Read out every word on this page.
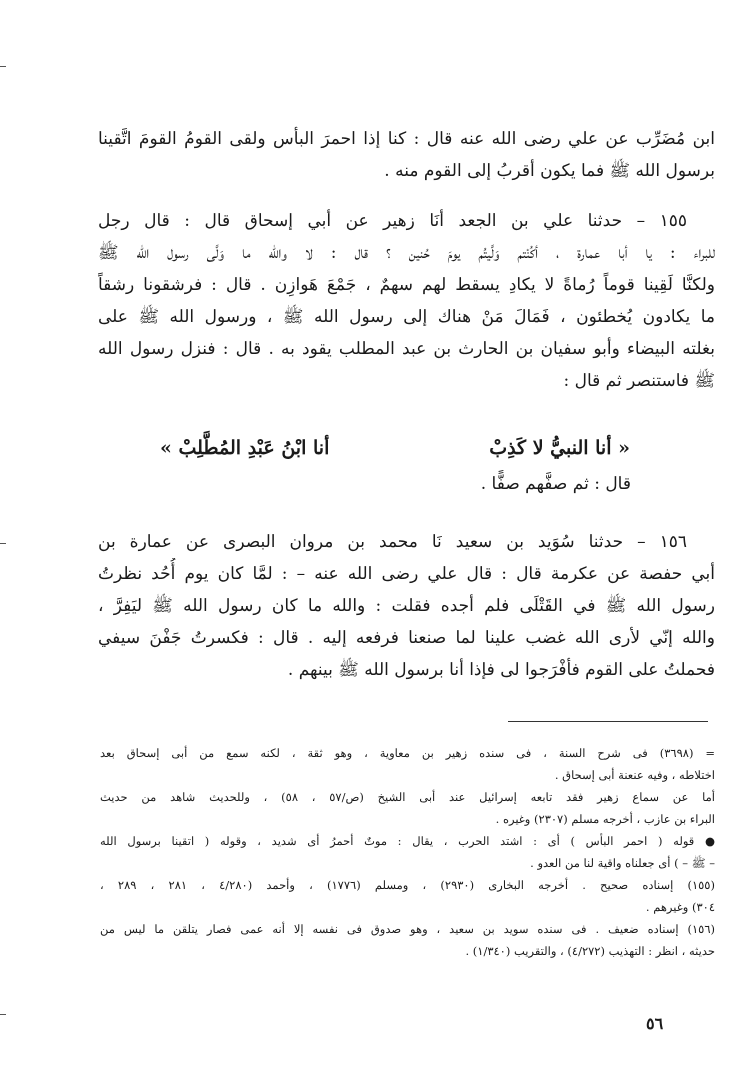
ابن مُضَرِّب عن علي رضى الله عنه قال : كنا إذا احمرَ البأس ولقى القومُ القومَ اتَّقينا
برسول الله ﷺ فما يكون أقربُ إلى القوم منه .
١٥٥ – حدثنا علي بن الجعد أنَا زهير عن أبي إسحاق قال : قال رجل
للبراء : يا أبا عمارة ، أكُنْتم وَلَّيتُم يومَ حُنين ؟ قال : لا والله ما وَلَّى رسول الله ﷺ
ولكنَّا لَقِينا قوماً رُماةً لا يكادِ يسقط لهم سهمٌ ، جَمْعَ هَوازِن . قال : فرشقونا رشقاً
ما يكادون يُخطئون ، فَمَالَ مَنْ هناك إلى رسول الله ﷺ ، ورسول الله ﷺ على
بغلته البيضاء وأبو سفيان بن الحارث بن عبد المطلب يقود به . قال : فنزل رسول الله
ﷺ فاستنصر ثم قال :
« أنا النبيُّ لا كَذِبْ
أنا ابْنُ عَبْدِ المُطَّلِبْ »
قال : ثم صفَّهم صفًّا .
١٥٦ – حدثنا سُوَيد بن سعيد نَا محمد بن مروان البصرى عن عمارة بن
أبي حفصة عن عكرمة قال : قال علي رضى الله عنه – : لمَّا كان يوم أُحُد نظرتُ
رسول الله ﷺ في القَتْلَى فلم أجده فقلت : والله ما كان رسول الله ﷺ ليَفِرَّ ،
والله إنّي لأرى الله غضب علينا لما صنعنا فرفعه إليه . قال : فكسرتُ جَفْنَ سيفي
فحملتُ على القوم فأفْرَجوا لى فإذا أنا برسول الله ﷺ بينهم .
= (٣٦٩٨) فى شرح السنة ، فى سنده زهير بن معاوية ، وهو ثقة ، لكنه سمع من أبى إسحاق بعد
اختلاطه ، وفيه عنعنة أبى إسحاق .
أما عن سماع زهير فقد تابعه إسرائيل عند أبى الشيخ (ص/٥٧ ، ٥٨) ، وللحديث شاهد من حديث
البراء بن عازب ، أخرجه مسلم (٢٣٠٧) وغيره .
● قوله ( احمر البأس ) أى : اشتد الحرب ، يقال : موتٌ أحمرُ أى شديد ، وقوله ( اتقينا برسول الله
– ﷺ – ) أى جعلناه واقية لنا من العدو .
(١٥٥) إسناده صحيح . أخرجه البخارى (٢٩٣٠) ، ومسلم (١٧٧٦) ، وأحمد (٤/٢٨٠ ، ٢٨١ ، ٢٨٩ ،
٣٠٤) وغيرهم .
(١٥٦) إسناده ضعيف . فى سنده سويد بن سعيد ، وهو صدوق فى نفسه إلا أنه عمى فصار يتلقن ما ليس من
حديثه ، انظر : التهذيب (٤/٢٧٢) ، والتقريب (١/٣٤٠) .
٥٦
